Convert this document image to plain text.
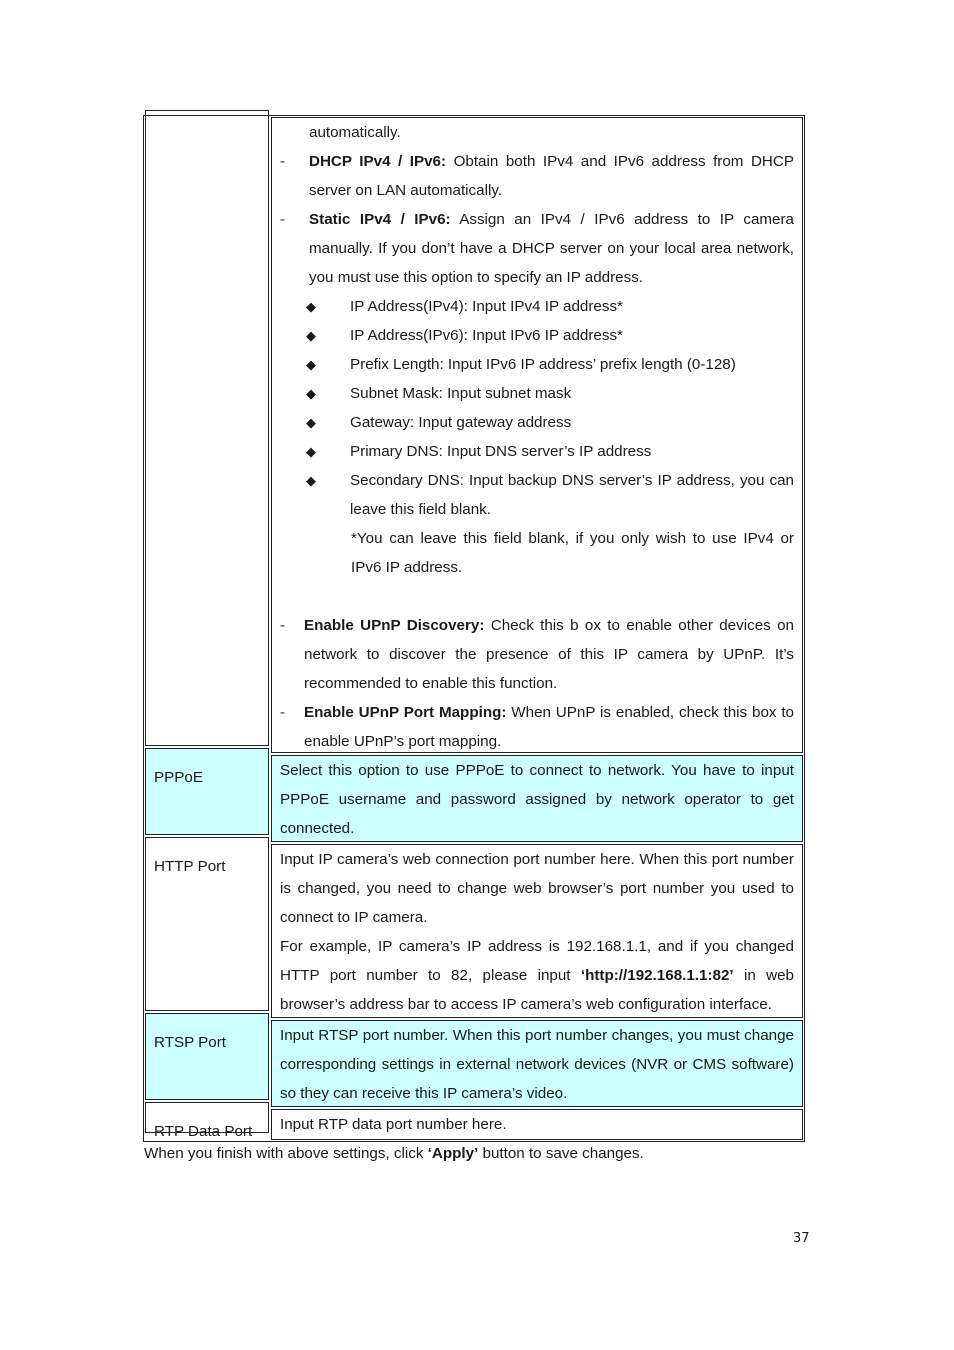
automatically.

-	DHCP IPv4 / IPv6: Obtain both IPv4 and IPv6 address from DHCP server on LAN automatically.
-	Static IPv4 / IPv6: Assign an IPv4 / IPv6 address to IP camera manually. If you don’t have a DHCP server on your local area network, you must use this option to specify an IP address.
◆	IP Address(IPv4): Input IPv4 IP address*
◆	IP Address(IPv6): Input IPv6 IP address*
◆	Prefix Length: Input IPv6 IP address’ prefix length (0-128)
◆	Subnet Mask: Input subnet mask
◆	Gateway: Input gateway address
◆	Primary DNS: Input DNS server’s IP address
◆	Secondary DNS: Input backup DNS server’s IP address, you can leave this field blank.

*You can leave this field blank, if you only wish to use IPv4 or IPv6 IP address.

-	Enable UPnP Discovery: Check this b ox to enable other devices on network to discover the presence of this IP camera by UPnP. It’s recommended to enable this function.
-	Enable UPnP Port Mapping: When UPnP is enabled, check this box to enable UPnP’s port mapping.
PPPoE	Select this option to use PPPoE to connect to network. You have to input PPPoE username and password assigned by network operator to get connected.

HTTP Port	Input IP camera’s web connection port number here. When this port number is changed, you need to change web browser’s port number you used to connect to IP camera.

For example, IP camera’s IP address is 192.168.1.1, and if you changed HTTP port number to 82, please input ‘http://192.168.1.1:82’ in web browser’s address bar to access IP camera’s web configuration interface.

RTSP Port	Input RTSP port number. When this port number changes, you must change corresponding settings in external network devices (NVR or CMS software) so they can receive this IP camera’s video.

RTP Data Port	Input RTP data port number here.

When you finish with above settings, click ‘Apply’ button to save changes.
37
